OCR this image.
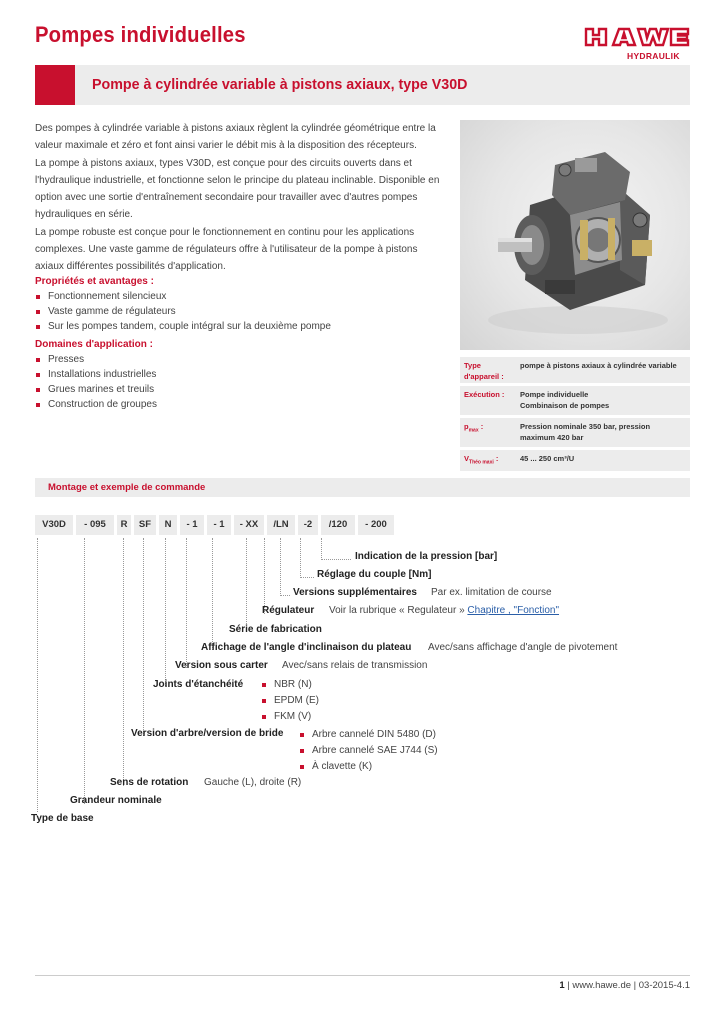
Pompes individuelles
HYDRAULIK
Pompe à cylindrée variable à pistons axiaux, type V30D

Des pompes à cylindrée variable à pistons axiaux règlent la cylindrée géométrique entre la valeur maximale et zéro et font ainsi varier le débit mis à la disposition des récepteurs.

La pompe à pistons axiaux, types V30D, est conçue pour des circuits ouverts dans et l'hydraulique industrielle, et fonctionne selon le principe du plateau inclinable. Disponible en option avec une sortie d'entraînement secondaire pour travailler avec d'autres pompes hydrauliques en série.

La pompe robuste est conçue pour le fonctionnement en continu pour les applications complexes. Une vaste gamme de régulateurs offre à l'utilisateur de la pompe à pistons axiaux différentes possibilités d'application.

Propriétés et avantages :
Fonctionnement silencieux
Vaste gamme de régulateurs
Sur les pompes tandem, couple intégral sur la deuxième pompe
Domaines d'application :
Presses
Installations industrielles
Grues marines et treuils
Construction de groupes
Type d'appareil :
pompe à pistons axiaux à cylindrée variable
Exécution :	Pompe individuelle
Combinaison de pompes
$p_{max}$ :	Pression nominale 350 bar, pression maximum 420 bar
$V_{Théo maxi}$ :	45 ... 250 cm³/U
Montage et exemple de commande
V30D	- 095	R	SF	N	- 1	- 1	- XX	/LN	-2	/120	- 200
Indication de la pression [bar]
Réglage du couple [Nm]
Versions supplémentaires Par ex. limitation de course
Régulateur Voir la rubrique « Regulateur » Chapitre , "Fonction"
Série de fabrication
Affichage de l'angle d'inclinaison du plateau Avec/sans affichage d'angle de pivotement
Version sous carter Avec/sans relais de transmission
Joints d'étanchéité	NBR (N)
EPDM (E)
FKM (V)
Version d'arbre/version de bride	Arbre cannelé DIN 5480 (D)
Arbre cannelé SAE J744 (S)
À clavette (K)
Sens de rotation Gauche (L), droite (R)
Grandeur nominale
Type de base
1 | www.hawe.de | 03-2015-4.1
